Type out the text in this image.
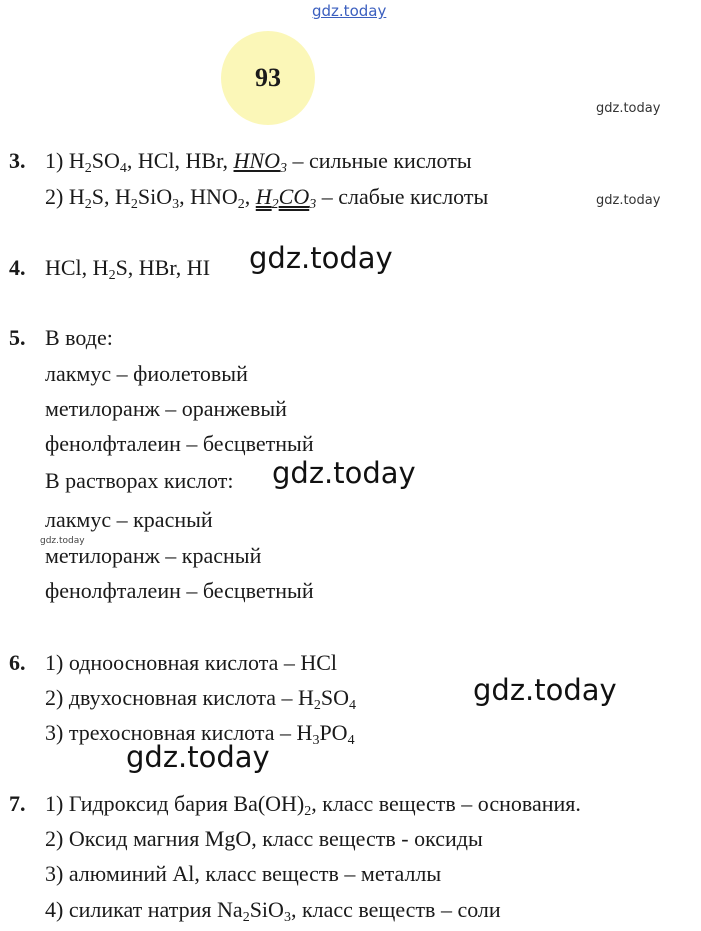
gdz.today
gdz.today
93
3. 1) $H_2SO_4$, HCl, HBr, $HNO_3$ – сильные кислоты
2) $H_2S$, $H_2SiO_3$, $HNO_2$, $H_2CO_3$ – слабые кислоты	gdz.today
4. HCl, $H_2S$, HBr, HI gdz.today
5. В воде:
лакмус – фиолетовый
метилоранж – оранжевый
фенолфталеин – бесцветный
В растворах кислот: gdz.today
лакмус – красный
gdz.today
метилоранж – красный
фенолфталеин – бесцветный
6. 1) одноосновная кислота – HCl
2) двухосновная кислота – $H_2SO_4$	gdz.today
3) трехосновная кислота – $H_3PO_4$
gdz.today
7. 1) Гидроксид бария $Ba(OH)_2$, класс веществ – основания.
2) Оксид магния MgO, класс веществ - оксиды
3) алюминий Al, класс веществ – металлы
4) силикат натрия $Na_2SiO_3$, класс веществ – соли
